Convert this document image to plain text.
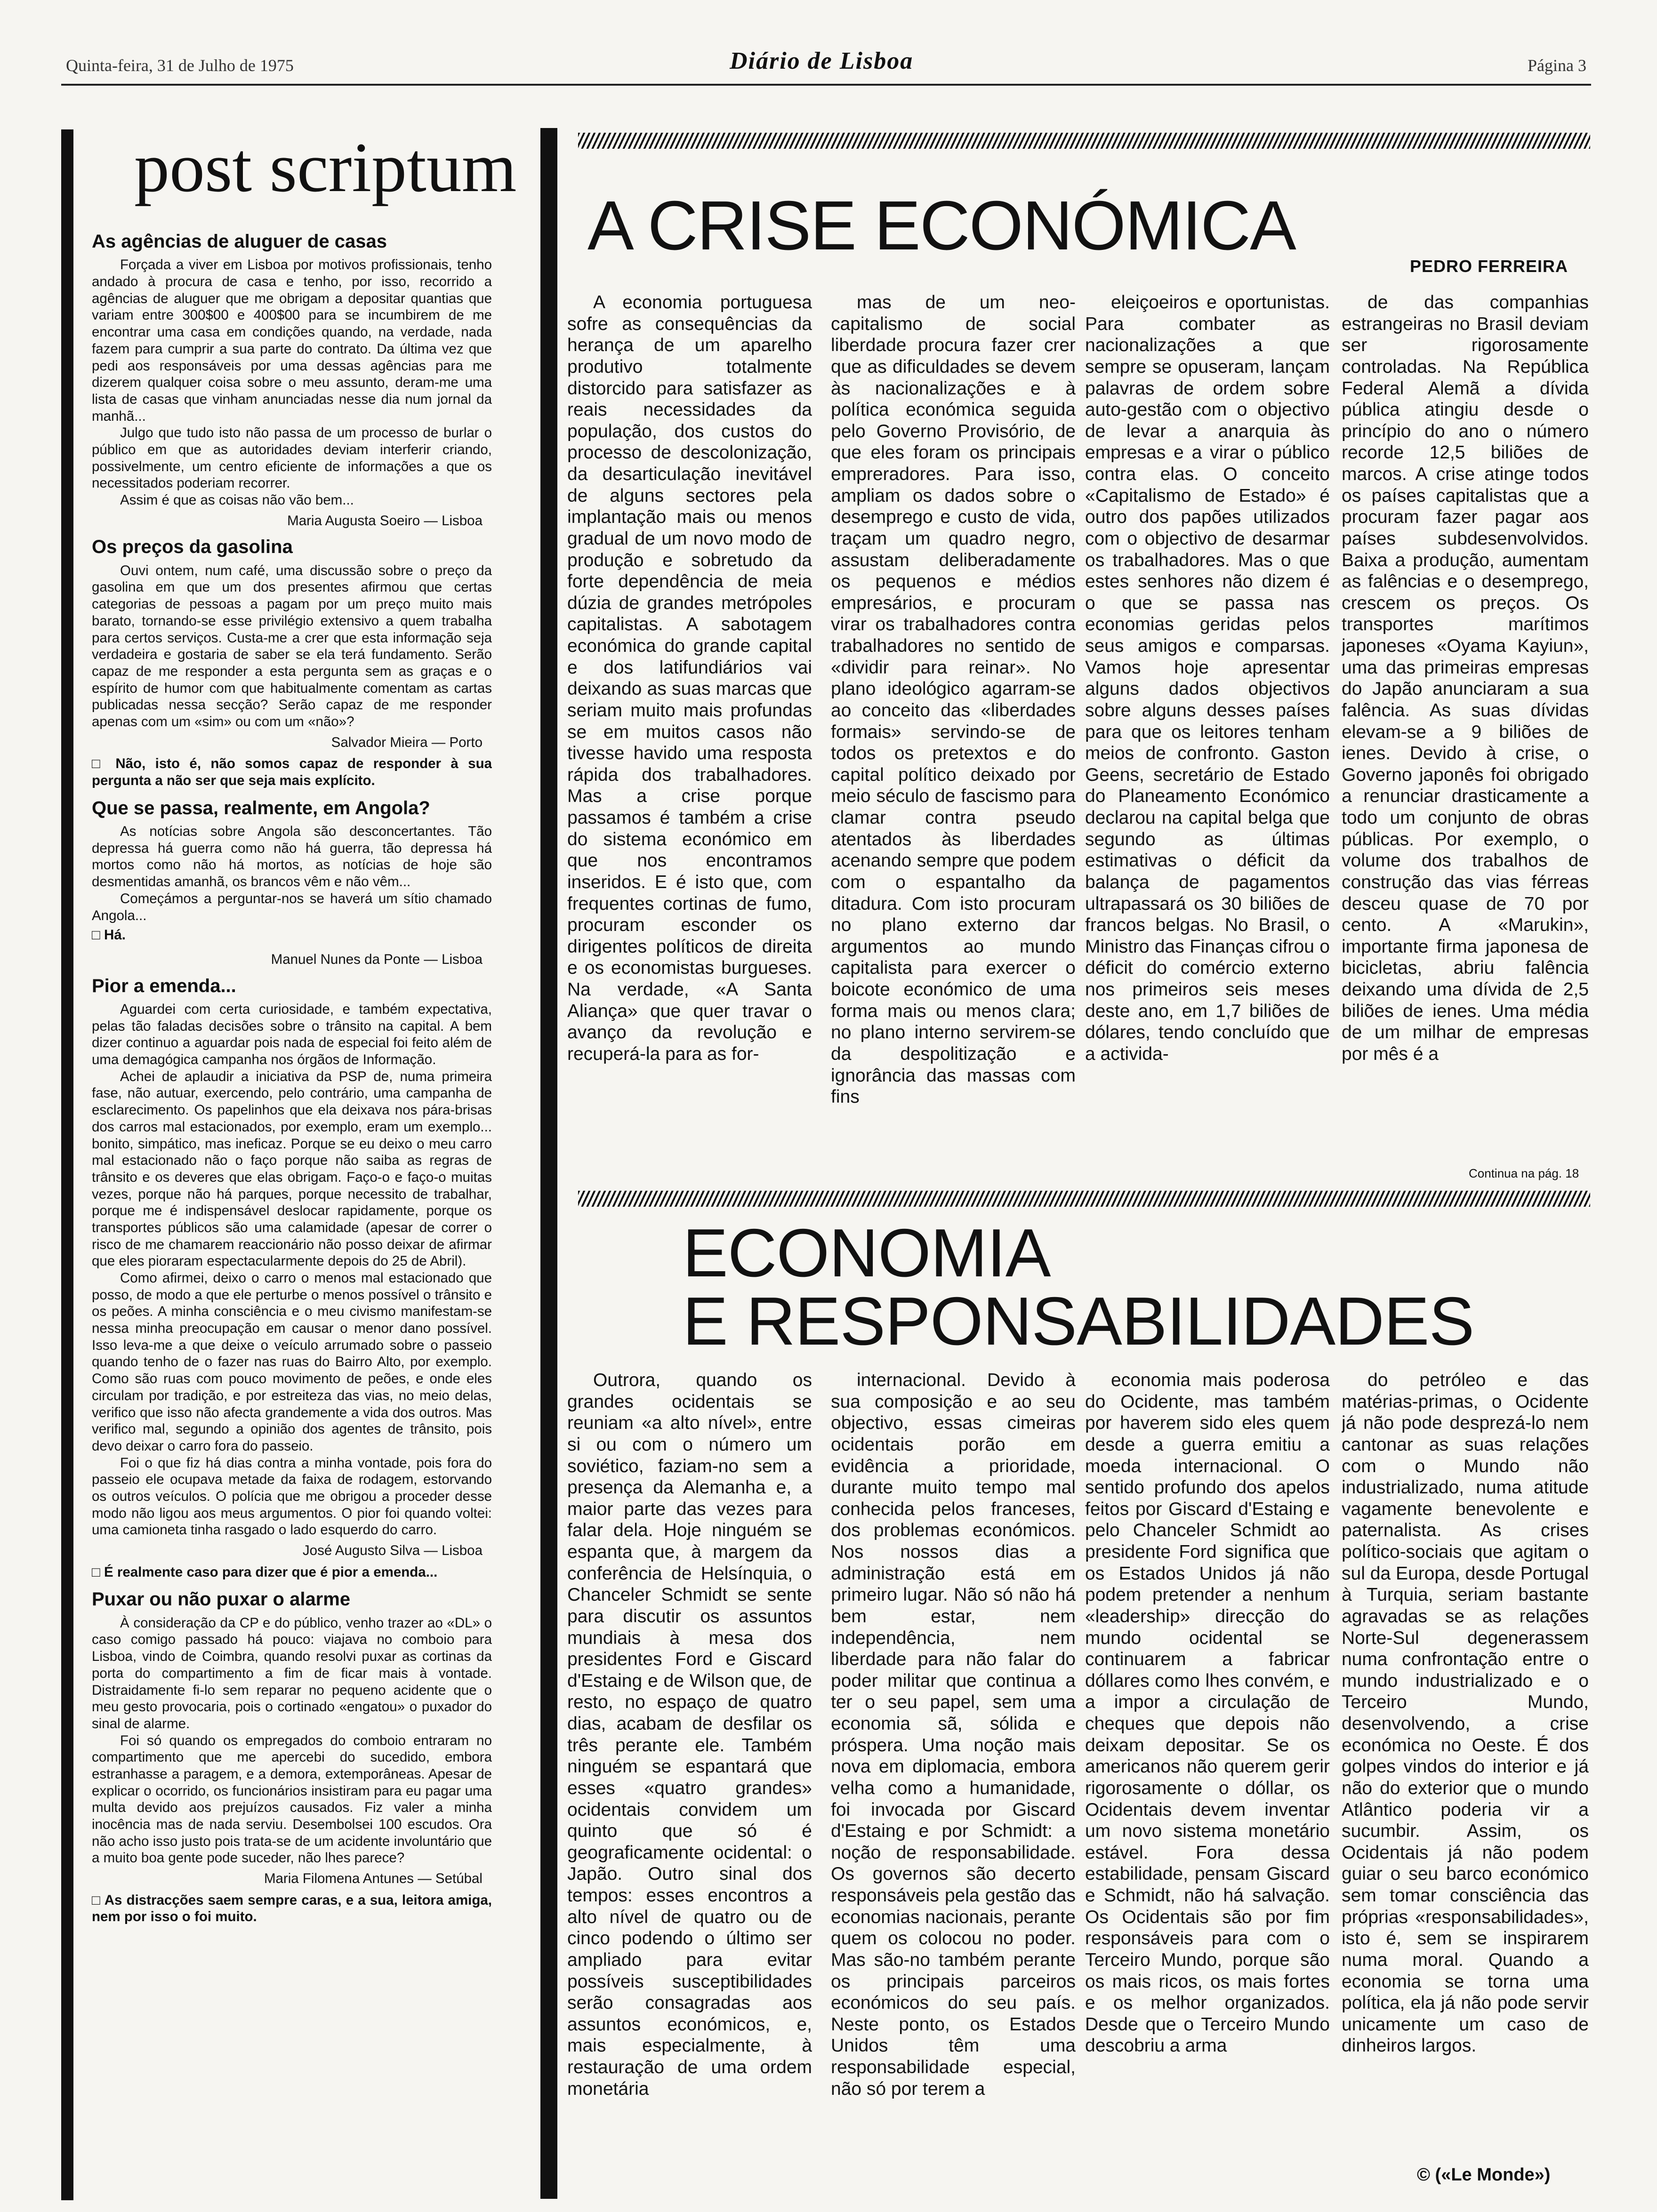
Quinta-feira, 31 de Julho de 1975	Diário de Lisboa	Página 3
post scriptum
As agências de aluguer de casas

Forçada a viver em Lisboa por motivos profissionais, tenho andado à procura de casa e tenho, por isso, recorrido a agências de aluguer que me obrigam a depositar quantias que variam entre 300$00 e 400$00 para se incumbirem de me encontrar uma casa em condições quando, na verdade, nada fazem para cumprir a sua parte do contrato. Da última vez que pedi aos responsáveis por uma dessas agências para me dizerem qualquer coisa sobre o meu assunto, deram-me uma lista de casas que vinham anunciadas nesse dia num jornal da manhã...

Julgo que tudo isto não passa de um processo de burlar o público em que as autoridades deviam interferir criando, possivelmente, um centro eficiente de informações a que os necessitados poderiam recorrer.

Assim é que as coisas não vão bem...

Maria Augusta Soeiro — Lisboa

Os preços da gasolina

Ouvi ontem, num café, uma discussão sobre o preço da gasolina em que um dos presentes afirmou que certas categorias de pessoas a pagam por um preço muito mais barato, tornando-se esse privilégio extensivo a quem trabalha para certos serviços. Custa-me a crer que esta informação seja verdadeira e gostaria de saber se ela terá fundamento. Serão capaz de me responder a esta pergunta sem as graças e o espírito de humor com que habitualmente comentam as cartas publicadas nessa secção? Serão capaz de me responder apenas com um «sim» ou com um «não»?

Salvador Mieira — Porto

□ Não, isto é, não somos capaz de responder à sua pergunta a não ser que seja mais explícito.

Que se passa, realmente, em Angola?

As notícias sobre Angola são desconcertantes. Tão depressa há guerra como não há guerra, tão depressa há mortos como não há mortos, as notícias de hoje são desmentidas amanhã, os brancos vêm e não vêm...

Começámos a perguntar-nos se haverá um sítio chamado Angola...

□ Há.

Manuel Nunes da Ponte — Lisboa

Pior a emenda...

Aguardei com certa curiosidade, e também expectativa, pelas tão faladas decisões sobre o trânsito na capital. A bem dizer continuo a aguardar pois nada de especial foi feito além de uma demagógica campanha nos órgãos de Informação.

Achei de aplaudir a iniciativa da PSP de, numa primeira fase, não autuar, exercendo, pelo contrário, uma campanha de esclarecimento. Os papelinhos que ela deixava nos pára-brisas dos carros mal estacionados, por exemplo, eram um exemplo... bonito, simpático, mas ineficaz. Porque se eu deixo o meu carro mal estacionado não o faço porque não saiba as regras de trânsito e os deveres que elas obrigam. Faço-o e faço-o muitas vezes, porque não há parques, porque necessito de trabalhar, porque me é indispensável deslocar rapidamente, porque os transportes públicos são uma calamidade (apesar de correr o risco de me chamarem reaccionário não posso deixar de afirmar que eles pioraram espectacularmente depois do 25 de Abril).

Como afirmei, deixo o carro o menos mal estacionado que posso, de modo a que ele perturbe o menos possível o trânsito e os peões. A minha consciência e o meu civismo manifestam-se nessa minha preocupação em causar o menor dano possível. Isso leva-me a que deixe o veículo arrumado sobre o passeio quando tenho de o fazer nas ruas do Bairro Alto, por exemplo. Como são ruas com pouco movimento de peões, e onde eles circulam por tradição, e por estreiteza das vias, no meio delas, verifico que isso não afecta grandemente a vida dos outros. Mas verifico mal, segundo a opinião dos agentes de trânsito, pois devo deixar o carro fora do passeio.

Foi o que fiz há dias contra a minha vontade, pois fora do passeio ele ocupava metade da faixa de rodagem, estorvando os outros veículos. O polícia que me obrigou a proceder desse modo não ligou aos meus argumentos. O pior foi quando voltei: uma camioneta tinha rasgado o lado esquerdo do carro.

José Augusto Silva — Lisboa

□ É realmente caso para dizer que é pior a emenda...

Puxar ou não puxar o alarme

À consideração da CP e do público, venho trazer ao «DL» o caso comigo passado há pouco: viajava no comboio para Lisboa, vindo de Coimbra, quando resolvi puxar as cortinas da porta do compartimento a fim de ficar mais à vontade. Distraidamente fi-lo sem reparar no pequeno acidente que o meu gesto provocaria, pois o cortinado «engatou» o puxador do sinal de alarme.

Foi só quando os empregados do comboio entraram no compartimento que me apercebi do sucedido, embora estranhasse a paragem, e a demora, extemporâneas. Apesar de explicar o ocorrido, os funcionários insistiram para eu pagar uma multa devido aos prejuízos causados. Fiz valer a minha inocência mas de nada serviu. Desembolsei 100 escudos. Ora não acho isso justo pois trata-se de um acidente involuntário que a muito boa gente pode suceder, não lhes parece?

Maria Filomena Antunes — Setúbal

□ As distracções saem sempre caras, e a sua, leitora amiga, nem por isso o foi muito.

A CRISE ECONÓMICA
PEDRO FERREIRA

A economia portuguesa sofre as consequências da herança de um aparelho produtivo totalmente distorcido para satisfazer as reais necessidades da população, dos custos do processo de descolonização, da desarticulação inevitável de alguns sectores pela implantação mais ou menos gradual de um novo modo de produção e sobretudo da forte dependência de meia dúzia de grandes metrópoles capitalistas. A sabotagem económica do grande capital e dos latifundiários vai deixando as suas marcas que seriam muito mais profundas se em muitos casos não tivesse havido uma resposta rápida dos trabalhadores. Mas a crise porque passamos é também a crise do sistema económico em que nos encontramos inseridos. E é isto que, com frequentes cortinas de fumo, procuram esconder os dirigentes políticos de direita e os economistas burgueses. Na verdade, «A Santa Aliança» que quer travar o avanço da revolução e recuperá-la para as for-

mas de um neo-capitalismo de social liberdade procura fazer crer que as dificuldades se devem às nacionalizações e à política económica seguida pelo Governo Provisório, de que eles foram os principais empreradores. Para isso, ampliam os dados sobre o desemprego e custo de vida, traçam um quadro negro, assustam deliberadamente os pequenos e médios empresários, e procuram virar os trabalhadores contra trabalhadores no sentido de «dividir para reinar». No plano ideológico agarram-se ao conceito das «liberdades formais» servindo-se de todos os pretextos e do capital político deixado por meio século de fascismo para clamar contra pseudo atentados às liberdades acenando sempre que podem com o espantalho da ditadura. Com isto procuram no plano externo dar argumentos ao mundo capitalista para exercer o boicote económico de uma forma mais ou menos clara; no plano interno servirem-se da despolitização e ignorância das massas com fins

eleiçoeiros e oportunistas. Para combater as nacionalizações a que sempre se opuseram, lançam palavras de ordem sobre auto-gestão com o objectivo de levar a anarquia às empresas e a virar o público contra elas. O conceito «Capitalismo de Estado» é outro dos papões utilizados com o objectivo de desarmar os trabalhadores. Mas o que estes senhores não dizem é o que se passa nas economias geridas pelos seus amigos e comparsas. Vamos hoje apresentar alguns dados objectivos sobre alguns desses países para que os leitores tenham meios de confronto. Gaston Geens, secretário de Estado do Planeamento Económico declarou na capital belga que segundo as últimas estimativas o déficit da balança de pagamentos ultrapassará os 30 biliões de francos belgas. No Brasil, o Ministro das Finanças cifrou o déficit do comércio externo nos primeiros seis meses deste ano, em 1,7 biliões de dólares, tendo concluído que a activida-

de das companhias estrangeiras no Brasil deviam ser rigorosamente controladas. Na República Federal Alemã a dívida pública atingiu desde o princípio do ano o número recorde 12,5 biliões de marcos. A crise atinge todos os países capitalistas que a procuram fazer pagar aos países subdesenvolvidos. Baixa a produção, aumentam as falências e o desemprego, crescem os preços. Os transportes marítimos japoneses «Oyama Kayiun», uma das primeiras empresas do Japão anunciaram a sua falência. As suas dívidas elevam-se a 9 biliões de ienes. Devido à crise, o Governo japonês foi obrigado a renunciar drasticamente a todo um conjunto de obras públicas. Por exemplo, o volume dos trabalhos de construção das vias férreas desceu quase de 70 por cento. A «Marukin», importante firma japonesa de bicicletas, abriu falência deixando uma dívida de 2,5 biliões de ienes. Uma média de um milhar de empresas por mês é a

Continua na pág. 18
ECONOMIA
E RESPONSABILIDADES

Outrora, quando os grandes ocidentais se reuniam «a alto nível», entre si ou com o número um soviético, faziam-no sem a presença da Alemanha e, a maior parte das vezes para falar dela. Hoje ninguém se espanta que, à margem da conferência de Helsínquia, o Chanceler Schmidt se sente para discutir os assuntos mundiais à mesa dos presidentes Ford e Giscard d'Estaing e de Wilson que, de resto, no espaço de quatro dias, acabam de desfilar os três perante ele. Também ninguém se espantará que esses «quatro grandes» ocidentais convidem um quinto que só é geograficamente ocidental: o Japão. Outro sinal dos tempos: esses encontros a alto nível de quatro ou de cinco podendo o último ser ampliado para evitar possíveis susceptibilidades serão consagradas aos assuntos económicos, e, mais especialmente, à restauração de uma ordem monetária

internacional. Devido à sua composição e ao seu objectivo, essas cimeiras ocidentais porão em evidência a prioridade, durante muito tempo mal conhecida pelos franceses, dos problemas económicos. Nos nossos dias a administração está em primeiro lugar. Não só não há bem estar, nem independência, nem liberdade para não falar do poder militar que continua a ter o seu papel, sem uma economia sã, sólida e próspera. Uma noção mais nova em diplomacia, embora velha como a humanidade, foi invocada por Giscard d'Estaing e por Schmidt: a noção de responsabilidade. Os governos são decerto responsáveis pela gestão das economias nacionais, perante quem os colocou no poder. Mas são-no também perante os principais parceiros económicos do seu país. Neste ponto, os Estados Unidos têm uma responsabilidade especial, não só por terem a

economia mais poderosa do Ocidente, mas também por haverem sido eles quem desde a guerra emitiu a moeda internacional. O sentido profundo dos apelos feitos por Giscard d'Estaing e pelo Chanceler Schmidt ao presidente Ford significa que os Estados Unidos já não podem pretender a nenhum «leadership» direcção do mundo ocidental se continuarem a fabricar dóllares como lhes convém, e a impor a circulação de cheques que depois não deixam depositar. Se os americanos não querem gerir rigorosamente o dóllar, os Ocidentais devem inventar um novo sistema monetário estável. Fora dessa estabilidade, pensam Giscard e Schmidt, não há salvação. Os Ocidentais são por fim responsáveis para com o Terceiro Mundo, porque são os mais ricos, os mais fortes e os melhor organizados. Desde que o Terceiro Mundo descobriu a arma

do petróleo e das matérias-primas, o Ocidente já não pode desprezá-lo nem cantonar as suas relações com o Mundo não industrializado, numa atitude vagamente benevolente e paternalista. As crises político-sociais que agitam o sul da Europa, desde Portugal à Turquia, seriam bastante agravadas se as relações Norte-Sul degenerassem numa confrontação entre o mundo industrializado e o Terceiro Mundo, desenvolvendo, a crise económica no Oeste. É dos golpes vindos do interior e já não do exterior que o mundo Atlântico poderia vir a sucumbir. Assim, os Ocidentais já não podem guiar o seu barco económico sem tomar consciência das próprias «responsabilidades», isto é, sem se inspirarem numa moral. Quando a economia se torna uma política, ela já não pode servir unicamente um caso de dinheiros largos.

© («Le Monde»)
